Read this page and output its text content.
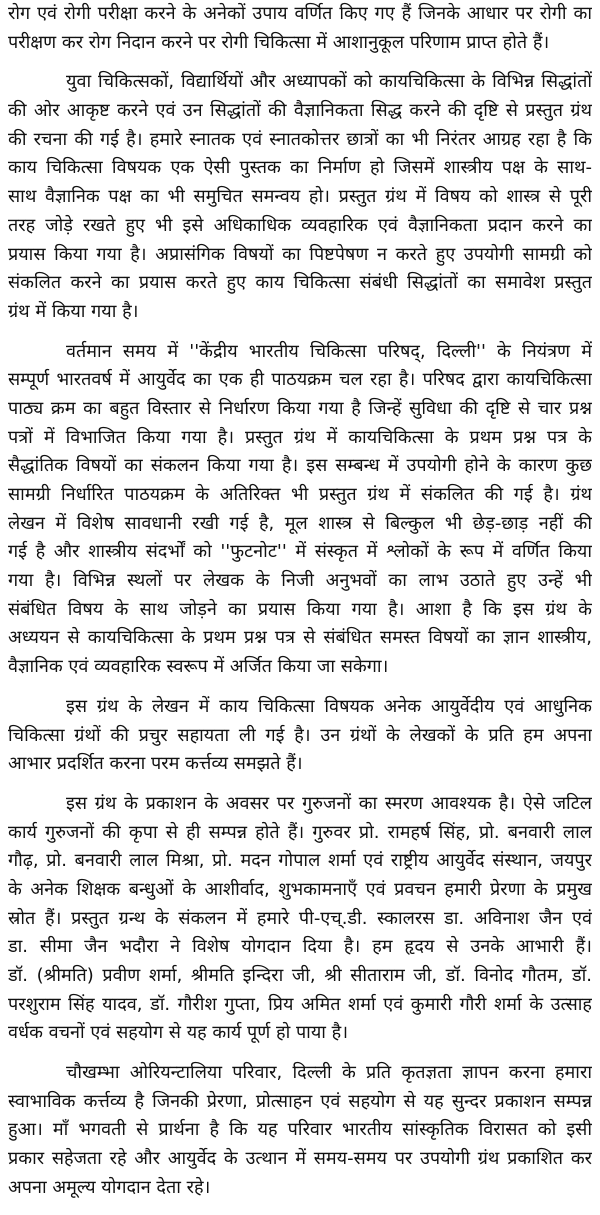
रोग एवं रोगी परीक्षा करने के अनेकों उपाय वर्णित किए गए हैं जिनके आधार पर रोगी का
परीक्षण कर रोग निदान करने पर रोगी चिकित्सा में आशानुकूल परिणाम प्राप्त होते हैं।
युवा चिकित्सकों, विद्यार्थियों और अध्यापकों को कायचिकित्सा के विभिन्न सिद्धांतों
की ओर आकृष्ट करने एवं उन सिद्धांतों की वैज्ञानिकता सिद्ध करने की दृष्टि से प्रस्तुत ग्रंथ
की रचना की गई है। हमारे स्नातक एवं स्नातकोत्तर छात्रों का भी निरंतर आग्रह रहा है कि
काय चिकित्सा विषयक एक ऐसी पुस्तक का निर्माण हो जिसमें शास्त्रीय पक्ष के साथ-
साथ वैज्ञानिक पक्ष का भी समुचित समन्वय हो। प्रस्तुत ग्रंथ में विषय को शास्त्र से पूरी
तरह जोड़े रखते हुए भी इसे अधिकाधिक व्यवहारिक एवं वैज्ञानिकता प्रदान करने का
प्रयास किया गया है। अप्रासंगिक विषयों का पिष्टपेषण न करते हुए उपयोगी सामग्री को
संकलित करने का प्रयास करते हुए काय चिकित्सा संबंधी सिद्धांतों का समावेश प्रस्तुत
ग्रंथ में किया गया है।
वर्तमान समय में ''केंद्रीय भारतीय चिकित्सा परिषद्, दिल्ली'' के नियंत्रण में
सम्पूर्ण भारतवर्ष में आयुर्वेद का एक ही पाठयक्रम चल रहा है। परिषद द्वारा कायचिकित्सा
पाठ्य क्रम का बहुत विस्तार से निर्धारण किया गया है जिन्हें सुविधा की दृष्टि से चार प्रश्न
पत्रों में विभाजित किया गया है। प्रस्तुत ग्रंथ में कायचिकित्सा के प्रथम प्रश्न पत्र के
सैद्धांतिक विषयों का संकलन किया गया है। इस सम्बन्ध में उपयोगी होने के कारण कुछ
सामग्री निर्धारित पाठयक्रम के अतिरिक्त भी प्रस्तुत ग्रंथ में संकलित की गई है। ग्रंथ
लेखन में विशेष सावधानी रखी गई है, मूल शास्त्र से बिल्कुल भी छेड़-छाड़ नहीं की
गई है और शास्त्रीय संदर्भों को ''फुटनोट'' में संस्कृत में श्लोकों के रूप में वर्णित किया
गया है। विभिन्न स्थलों पर लेखक के निजी अनुभवों का लाभ उठाते हुए उन्हें भी
संबंधित विषय के साथ जोड़ने का प्रयास किया गया है। आशा है कि इस ग्रंथ के
अध्ययन से कायचिकित्सा के प्रथम प्रश्न पत्र से संबंधित समस्त विषयों का ज्ञान शास्त्रीय,
वैज्ञानिक एवं व्यवहारिक स्वरूप में अर्जित किया जा सकेगा।
इस ग्रंथ के लेखन में काय चिकित्सा विषयक अनेक आयुर्वेदीय एवं आधुनिक
चिकित्सा ग्रंथों की प्रचुर सहायता ली गई है। उन ग्रंथों के लेखकों के प्रति हम अपना
आभार प्रदर्शित करना परम कर्त्तव्य समझते हैं।
इस ग्रंथ के प्रकाशन के अवसर पर गुरुजनों का स्मरण आवश्यक है। ऐसे जटिल
कार्य गुरुजनों की कृपा से ही सम्पन्न होते हैं। गुरुवर प्रो. रामहर्ष सिंह, प्रो. बनवारी लाल
गौढ़, प्रो. बनवारी लाल मिश्रा, प्रो. मदन गोपाल शर्मा एवं राष्ट्रीय आयुर्वेद संस्थान, जयपुर
के अनेक शिक्षक बन्धुओं के आशीर्वाद, शुभकामनाएँ एवं प्रवचन हमारी प्रेरणा के प्रमुख
स्रोत हैं। प्रस्तुत ग्रन्थ के संकलन में हमारे पी-एच्.डी. स्कालरस डा. अविनाश जैन एवं
डा. सीमा जैन भदौरा ने विशेष योगदान दिया है। हम हृदय से उनके आभारी हैं।
डॉ. (श्रीमति) प्रवीण शर्मा, श्रीमति इन्दिरा जी, श्री सीताराम जी, डॉ. विनोद गौतम, डॉ.
परशुराम सिंह यादव, डॉ. गौरीश गुप्ता, प्रिय अमित शर्मा एवं कुमारी गौरी शर्मा के उत्साह
वर्धक वचनों एवं सहयोग से यह कार्य पूर्ण हो पाया है।
चौखम्भा ओरियन्टालिया परिवार, दिल्ली के प्रति कृतज्ञता ज्ञापन करना हमारा
स्वाभाविक कर्त्तव्य है जिनकी प्रेरणा, प्रोत्साहन एवं सहयोग से यह सुन्दर प्रकाशन सम्पन्न
हुआ। माँ भगवती से प्रार्थना है कि यह परिवार भारतीय सांस्कृतिक विरासत को इसी
प्रकार सहेजता रहे और आयुर्वेद के उत्थान में समय-समय पर उपयोगी ग्रंथ प्रकाशित कर
अपना अमूल्य योगदान देता रहे।
